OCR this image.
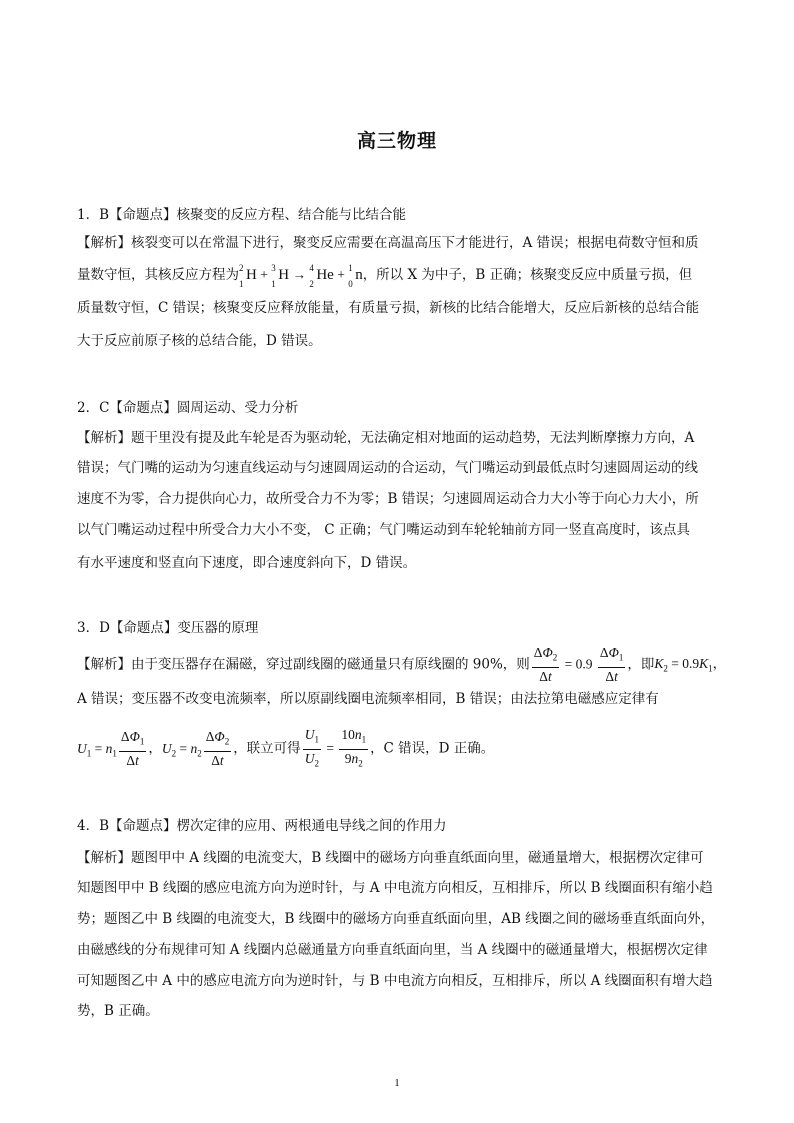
高三物理
1．B【命题点】核聚变的反应方程、结合能与比结合能
【解析】核裂变可以在常温下进行，聚变反应需要在高温高压下才能进行，A 错误；根据电荷数守恒和质
量数守恒，其核反应方程为 2
1
H + 3
1
H → 4
2
He + 1
0
n，所以 X 为中子，B 正确；核聚变反应中质量亏损，但
质量数守恒，C 错误；核聚变反应释放能量，有质量亏损，新核的比结合能增大，反应后新核的总结合能
大于反应前原子核的总结合能，D 错误。
2．C【命题点】圆周运动、受力分析
【解析】题干里没有提及此车轮是否为驱动轮，无法确定相对地面的运动趋势，无法判断摩擦力方向，A
错误；气门嘴的运动为匀速直线运动与匀速圆周运动的合运动，气门嘴运动到最低点时匀速圆周运动的线
速度不为零，合力提供向心力，故所受合力不为零；B 错误；匀速圆周运动合力大小等于向心力大小，所
以气门嘴运动过程中所受合力大小不变， C 正确；气门嘴运动到车轮轮轴前方同一竖直高度时，该点具
有水平速度和竖直向下速度，即合速度斜向下，D 错误。
3．D【命题点】变压器的原理
【解析】由于变压器存在漏磁，穿过副线圈的磁通量只有原线圈的 90%，则 $\frac{\Delta\Phi_2}{\Delta t} = 0.9 \frac{\Delta\Phi_1}{\Delta t}$ ，即$K_2 = 0.9K_1$，
A 错误；变压器不改变电流频率，所以原副线圈电流频率相同，B 错误；由法拉第电磁感应定律有
$U_1 = n_1 \frac{\Delta\Phi_1}{\Delta t}$ ，$U_2 = n_2 \frac{\Delta\Phi_2}{\Delta t}$ ，联立可得 $\frac{U_1}{U_2} = \frac{10n_1}{9n_2}$ ，C 错误，D 正确。
4．B【命题点】楞次定律的应用、两根通电导线之间的作用力
【解析】题图甲中 A 线圈的电流变大，B 线圈中的磁场方向垂直纸面向里，磁通量增大，根据楞次定律可
知题图甲中 B 线圈的感应电流方向为逆时针，与 A 中电流方向相反，互相排斥，所以 B 线圈面积有缩小趋
势；题图乙中 B 线圈的电流变大，B 线圈中的磁场方向垂直纸面向里，AB 线圈之间的磁场垂直纸面向外，
由磁感线的分布规律可知 A 线圈内总磁通量方向垂直纸面向里，当 A 线圈中的磁通量增大，根据楞次定律
可知题图乙中 A 中的感应电流方向为逆时针，与 B 中电流方向相反，互相排斥，所以 A 线圈面积有增大趋
势，B 正确。
1
